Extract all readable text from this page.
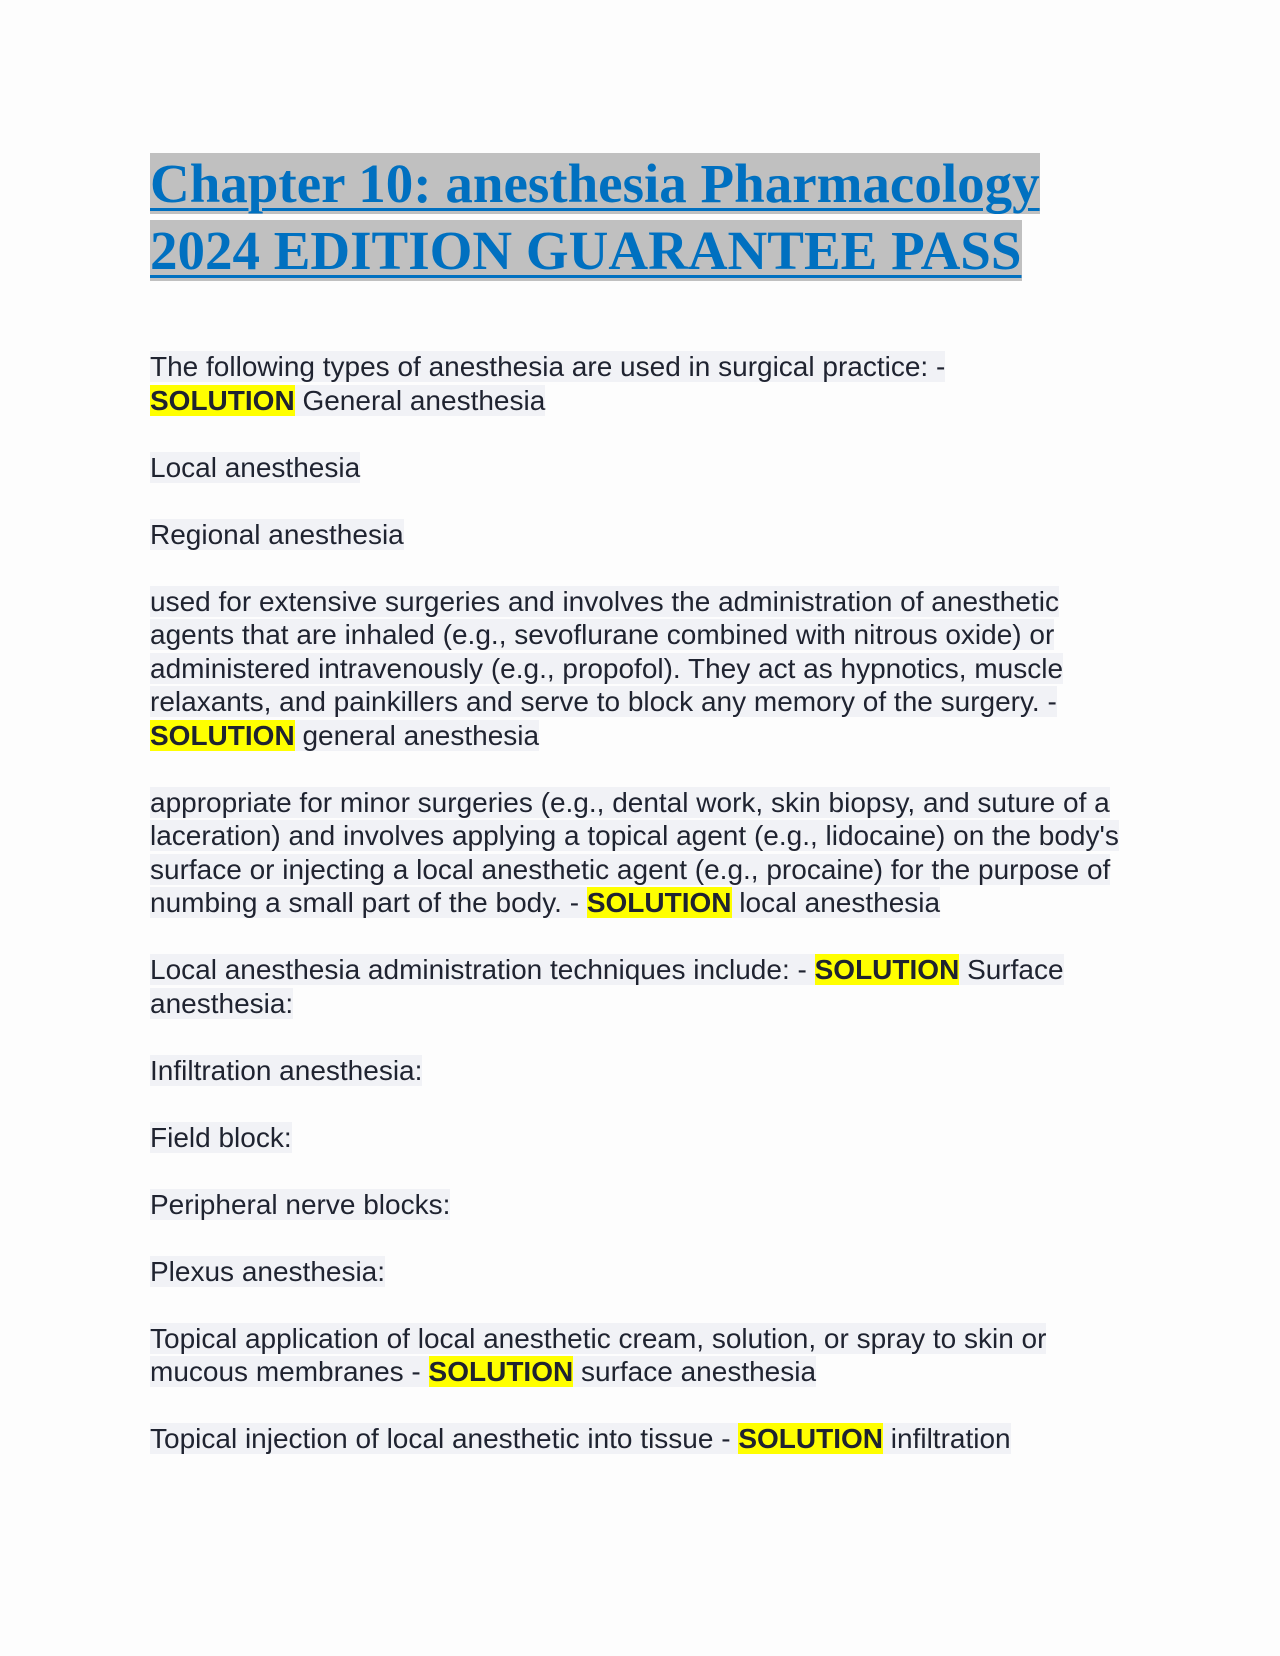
Chapter 10: anesthesia Pharmacology
2024 EDITION GUARANTEE PASS

The following types of anesthesia are used in surgical practice: -
SOLUTION General anesthesia

Local anesthesia

Regional anesthesia

used for extensive surgeries and involves the administration of anesthetic agents that are inhaled (e.g., sevoflurane combined with nitrous oxide) or administered intravenously (e.g., propofol). They act as hypnotics, muscle relaxants, and painkillers and serve to block any memory of the surgery. - SOLUTION general anesthesia

appropriate for minor surgeries (e.g., dental work, skin biopsy, and suture of a laceration) and involves applying a topical agent (e.g., lidocaine) on the body's surface or injecting a local anesthetic agent (e.g., procaine) for the purpose of numbing a small part of the body. - SOLUTION local anesthesia

Local anesthesia administration techniques include: - SOLUTION Surface anesthesia:

Infiltration anesthesia:

Field block:

Peripheral nerve blocks:

Plexus anesthesia:

Topical application of local anesthetic cream, solution, or spray to skin or mucous membranes - SOLUTION surface anesthesia

Topical injection of local anesthetic into tissue - SOLUTION infiltration
